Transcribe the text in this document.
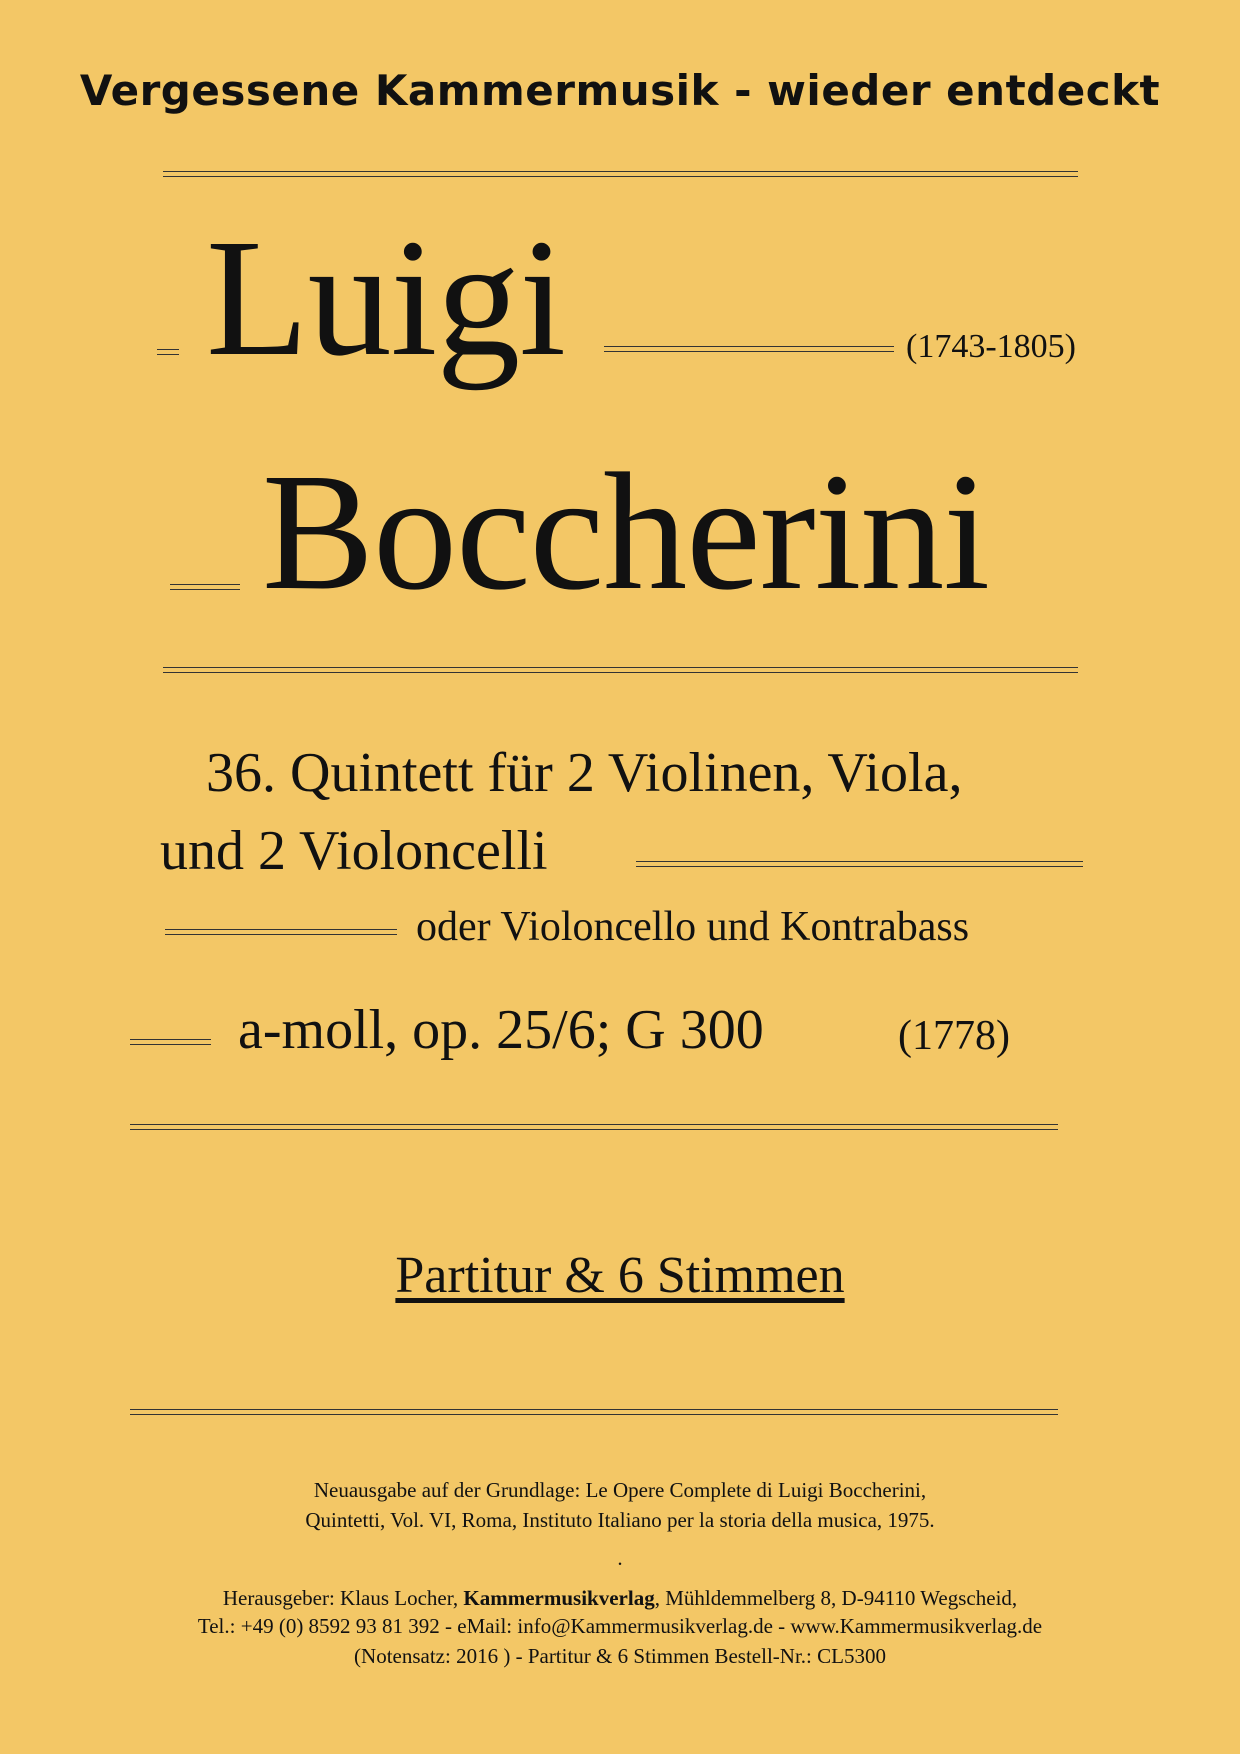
Vergessene Kammermusik - wieder entdeckt
Luigi	(1743-1805)
Boccherini
36. Quintett für 2 Violinen, Viola,
und 2 Violoncelli
oder Violoncello und Kontrabass
a-moll, op. 25/6; G 300	(1778)
Partitur & 6 Stimmen
Neuausgabe auf der Grundlage: Le Opere Complete di Luigi Boccherini,
Quintetti, Vol. VI, Roma, Instituto Italiano per la storia della musica, 1975.
.
Herausgeber: Klaus Locher, Kammermusikverlag, Mühldemmelberg 8, D-94110 Wegscheid,
Tel.: +49 (0) 8592 93 81 392 - eMail: info@Kammermusikverlag.de - www.Kammermusikverlag.de
(Notensatz: 2016 ) - Partitur & 6 Stimmen Bestell-Nr.: CL5300
